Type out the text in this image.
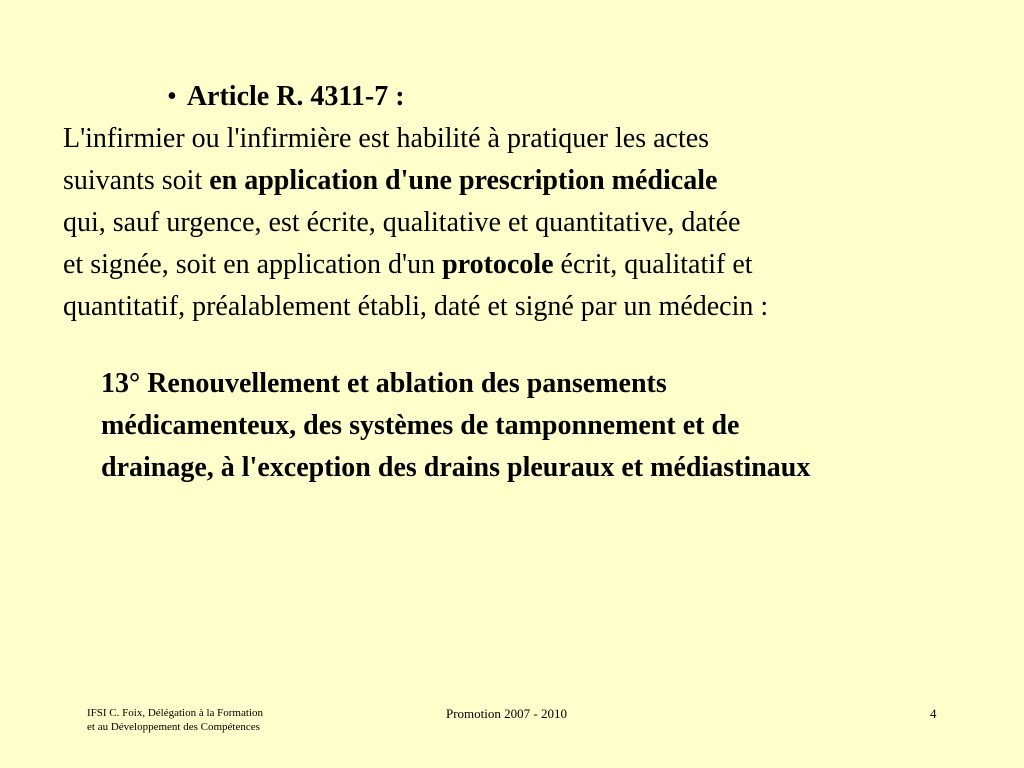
• Article R. 4311-7 :
L'infirmier ou l'infirmière est habilité à pratiquer les actes
suivants soit en application d'une prescription médicale
qui, sauf urgence, est écrite, qualitative et quantitative, datée
et signée, soit en application d'un protocole écrit, qualitatif et
quantitatif, préalablement établi, daté et signé par un médecin :
13° Renouvellement et ablation des pansements
médicamenteux, des systèmes de tamponnement et de
drainage, à l'exception des drains pleuraux et médiastinaux
IFSI C. Foix, Délégation à la Formation
et au Développement des Compétences
Promotion 2007 - 2010	4
